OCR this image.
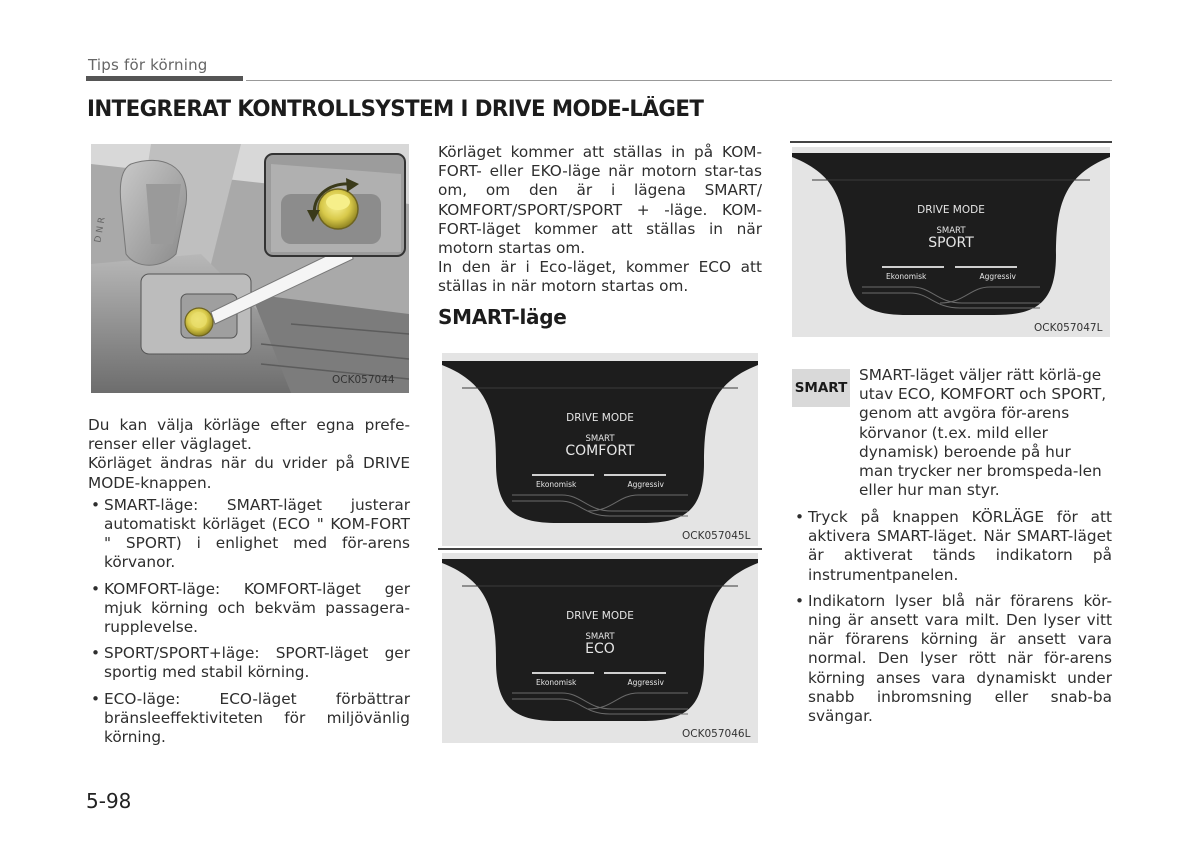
Tips för körning
INTEGRERAT KONTROLLSYSTEM I DRIVE MODE-LÄGET
D N R
OCK057044

Du kan välja körläge efter egna prefe-renser eller väglaget.

Körläget ändras när du vrider på DRIVE MODE-knappen.

• SMART-läge: SMART-läget justerar automatiskt körläget (ECO " KOM-FORT " SPORT) i enlighet med för-arens körvanor.
• KOMFORT-läge: KOMFORT-läget ger mjuk körning och bekväm passagera-rupplevelse.
• SPORT/SPORT+läge: SPORT-läget ger sportig med stabil körning.
• ECO-läge: ECO-läget förbättrar bränsleeffektiviteten för miljövänlig körning.

Körläget kommer att ställas in på KOM-FORT- eller EKO-läge när motorn star-tas om, om den är i lägena SMART/ KOMFORT/SPORT/SPORT + -läge. KOM-FORT-läget kommer att ställas in när motorn startas om.

In den är i Eco-läget, kommer ECO att ställas in när motorn startas om.

SMART-läge
DRIVE MODE
SMART
COMFORT
Ekonomisk	Aggressiv
OCK057045L
DRIVE MODE
SMART
ECO
Ekonomisk	Aggressiv
OCK057046L
DRIVE MODE
SMART
SPORT
Ekonomisk	Aggressiv
OCK057047L
SMART
SMART-läget väljer rätt körlä-ge utav ECO, KOMFORT och SPORT, genom att avgöra för-arens körvanor (t.ex. mild eller dynamisk) beroende på hur man trycker ner bromspeda-len eller hur man styr.
• Tryck på knappen KÖRLÄGE för att aktivera SMART-läget. När SMART-läget är aktiverat tänds indikatorn på instrumentpanelen.
• Indikatorn lyser blå när förarens kör-ning är ansett vara milt. Den lyser vitt när förarens körning är ansett vara normal. Den lyser rött när för-arens körning anses vara dynamiskt under snabb inbromsning eller snab-ba svängar.
5-98
